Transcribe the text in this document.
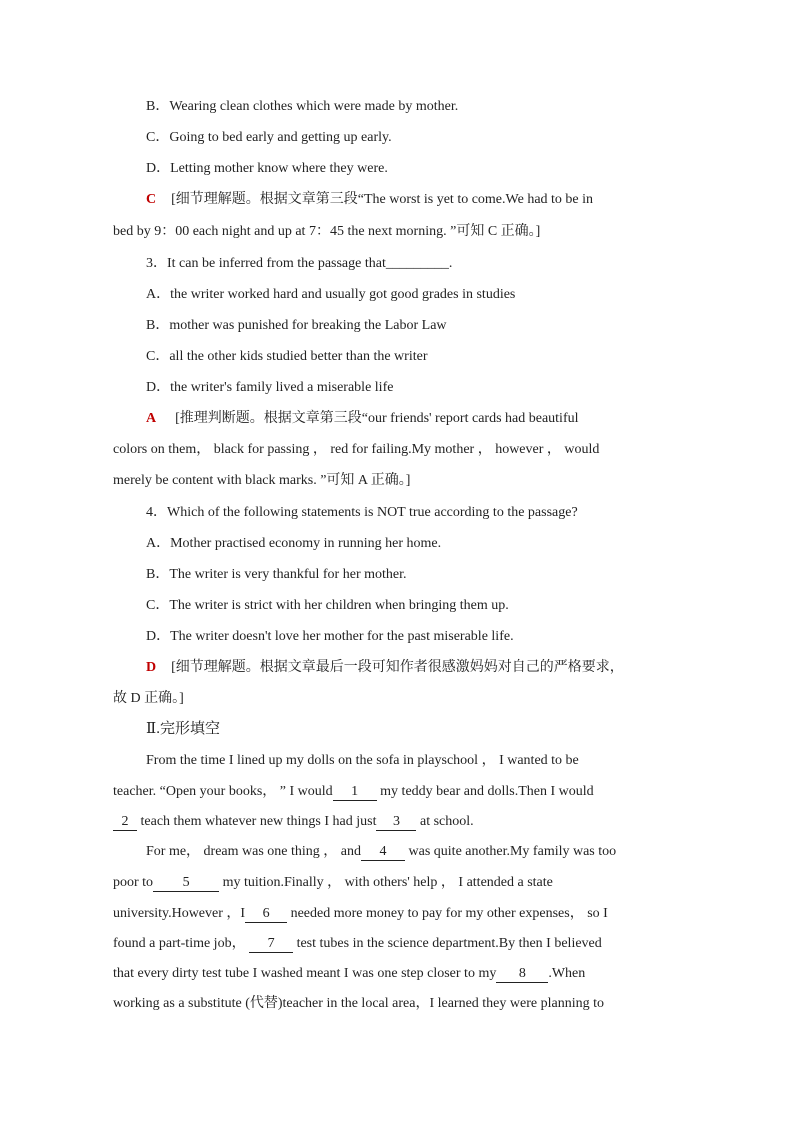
B．Wearing clean clothes which were made by mother.
C．Going to bed early and getting up early.
D．Letting mother know where they were.
C [细节理解题。根据文章第三段“The worst is yet to come.We had to be in
bed by 9：00 each night and up at 7：45 the next morning. ”可知 C 正确。]
3．It can be inferred from the passage that_________.
A．the writer worked hard and usually got good grades in studies
B．mother was punished for breaking the Labor Law
C．all the other kids studied better than the writer
D．the writer's family lived a miserable life
A [推理判断题。根据文章第三段“our friends' report cards had beautiful
colors on them， black for passing ， red for failing.My mother ， however ， would
merely be content with black marks. ”可知 A 正确。]
4．Which of the following statements is NOT true according to the passage?
A．Mother practised economy in running her home.
B．The writer is very thankful for her mother.
C．The writer is strict with her children when bringing them up.
D．The writer doesn't love her mother for the past miserable life.
D [细节理解题。根据文章最后一段可知作者很感激妈妈对自己的严格要求，
故 D 正确。]
Ⅱ.完形填空
From the time I lined up my dolls on the sofa in playschool ， I wanted to be
teacher. “Open your books， ” I would 1 my teddy bear and dolls.Then I would
2 teach them whatever new things I had just 3 at school.
For me， dream was one thing ， and 4 was quite another.My family was too
poor to 5 my tuition.Finally ， with others' help ， I attended a state
university.However ，I 6 needed more money to pay for my other expenses， so I
found a part-time job， 7 test tubes in the science department.By then I believed
that every dirty test tube I washed meant I was one step closer to my 8 .When
working as a substitute (代替)teacher in the local area，I learned they were planning to
